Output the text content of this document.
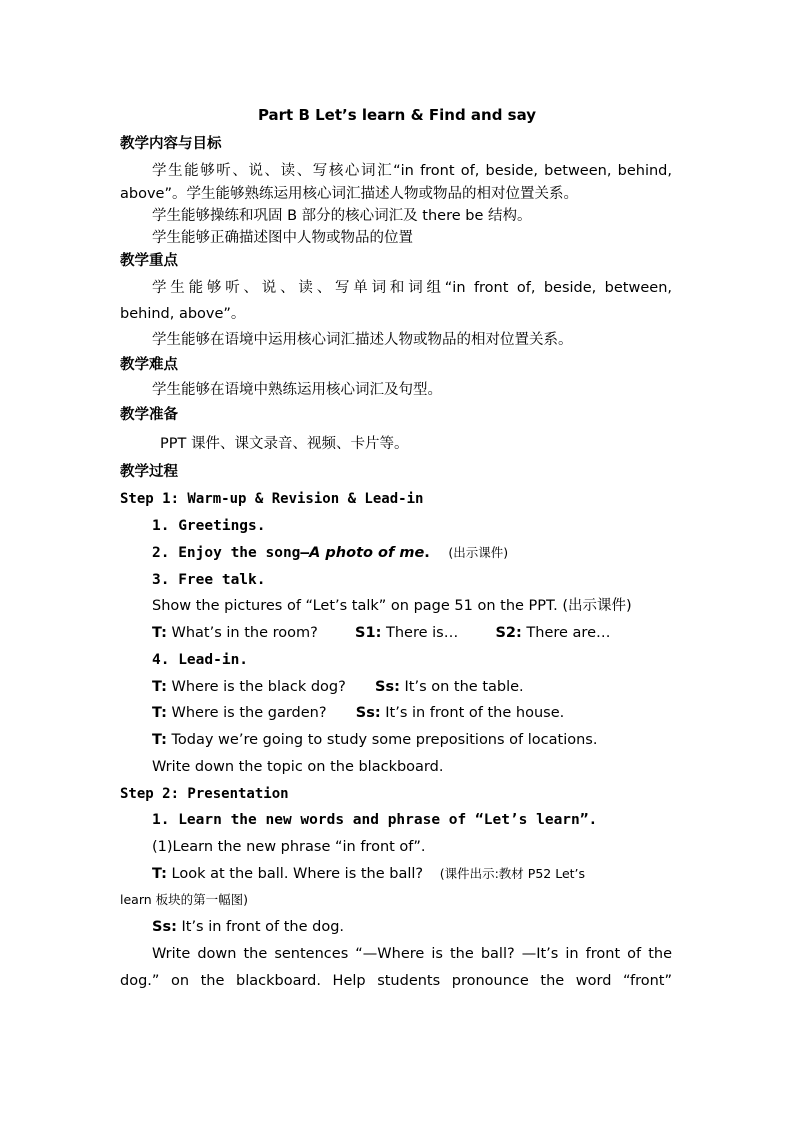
Part B Let’s learn & Find and say
教学内容与目标
学生能够听、说、读、写核心词汇“in front of, beside, between, behind,
above”。学生能够熟练运用核心词汇描述人物或物品的相对位置关系。
学生能够操练和巩固 B 部分的核心词汇及 there be 结构。
学生能够正确描述图中人物或物品的位置
教学重点
学生能够听、说、读、写单词和词组“in front of, beside, between,
behind, above”。
学生能够在语境中运用核心词汇描述人物或物品的相对位置关系。
教学难点
学生能够在语境中熟练运用核心词汇及句型。
教学准备
PPT 课件、课文录音、视频、卡片等。
教学过程
Step 1: Warm-up & Revision & Lead-in
1. Greetings.
2. Enjoy the song—A photo of me. (出示课件)
3. Free talk.
Show the pictures of “Let’s talk” on page 51 on the PPT. (出示课件)
T: What’s in the room?	S1: There is…	S2: There are…
4. Lead-in.
T: Where is the black dog? Ss: It’s on the table.
T: Where is the garden? Ss: It’s in front of the house.
T: Today we’re going to study some prepositions of locations.
Write down the topic on the blackboard.
Step 2: Presentation
1. Learn the new words and phrase of “Let’s learn”.
(1)Learn the new phrase “in front of”.
T: Look at the ball. Where is the ball? (课件出示:教材 P52 Let’s
learn 板块的第一幅图)
Ss: It’s in front of the dog.
Write down the sentences “—Where is the ball? —It’s in front of the
dog.” on the blackboard. Help students pronounce the word “front”
